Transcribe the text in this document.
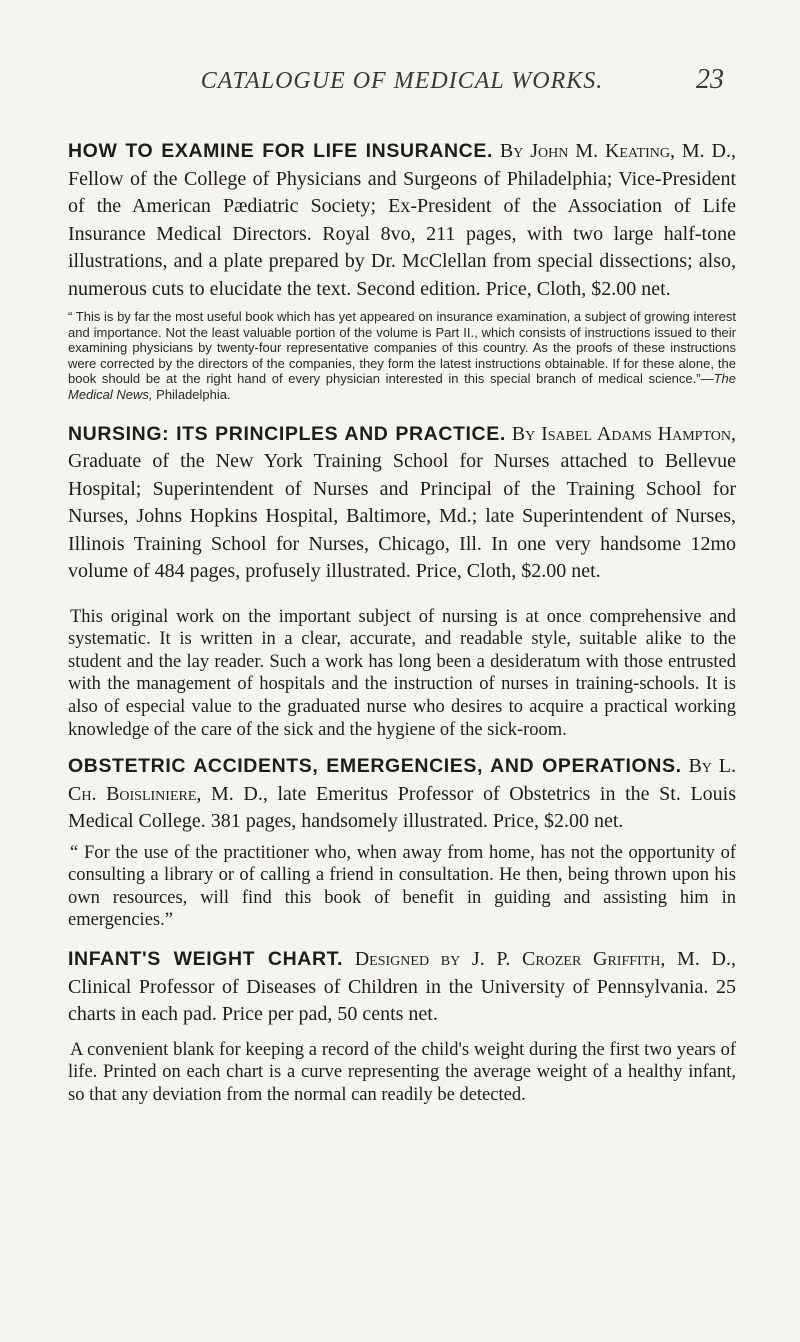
CATALOGUE OF MEDICAL WORKS.	23

HOW TO EXAMINE FOR LIFE INSURANCE. By John M. Keating, M. D., Fellow of the College of Physicians and Surgeons of Philadelphia; Vice-President of the American Pædiatric Society; Ex-President of the Association of Life Insurance Medical Directors. Royal 8vo, 211 pages, with two large half-tone illustrations, and a plate prepared by Dr. McClellan from special dissections; also, numerous cuts to elucidate the text. Second edition. Price, Cloth, $2.00 net.

“ This is by far the most useful book which has yet appeared on insurance examination, a subject of growing interest and importance. Not the least valuable portion of the volume is Part II., which consists of instructions issued to their examining physicians by twenty-four representative companies of this country. As the proofs of these instructions were corrected by the directors of the companies, they form the latest instructions obtainable. If for these alone, the book should be at the right hand of every physician interested in this special branch of medical science.”—The Medical News, Philadelphia.

NURSING: ITS PRINCIPLES AND PRACTICE. By Isabel Adams Hampton, Graduate of the New York Training School for Nurses attached to Bellevue Hospital; Superintendent of Nurses and Principal of the Training School for Nurses, Johns Hopkins Hospital, Baltimore, Md.; late Superintendent of Nurses, Illinois Training School for Nurses, Chicago, Ill. In one very handsome 12mo volume of 484 pages, profusely illustrated. Price, Cloth, $2.00 net.

This original work on the important subject of nursing is at once comprehensive and systematic. It is written in a clear, accurate, and readable style, suitable alike to the student and the lay reader. Such a work has long been a desideratum with those entrusted with the management of hospitals and the instruction of nurses in training-schools. It is also of especial value to the graduated nurse who desires to acquire a practical working knowledge of the care of the sick and the hygiene of the sick-room.

OBSTETRIC ACCIDENTS, EMERGENCIES, AND OPERATIONS. By L. Ch. Boisliniere, M. D., late Emeritus Professor of Obstetrics in the St. Louis Medical College. 381 pages, handsomely illustrated. Price, $2.00 net.

“ For the use of the practitioner who, when away from home, has not the opportunity of consulting a library or of calling a friend in consultation. He then, being thrown upon his own resources, will find this book of benefit in guiding and assisting him in emergencies.”

INFANT'S WEIGHT CHART. Designed by J. P. Crozer Griffith, M. D., Clinical Professor of Diseases of Children in the University of Pennsylvania. 25 charts in each pad. Price per pad, 50 cents net.

A convenient blank for keeping a record of the child's weight during the first two years of life. Printed on each chart is a curve representing the average weight of a healthy infant, so that any deviation from the normal can readily be detected.
